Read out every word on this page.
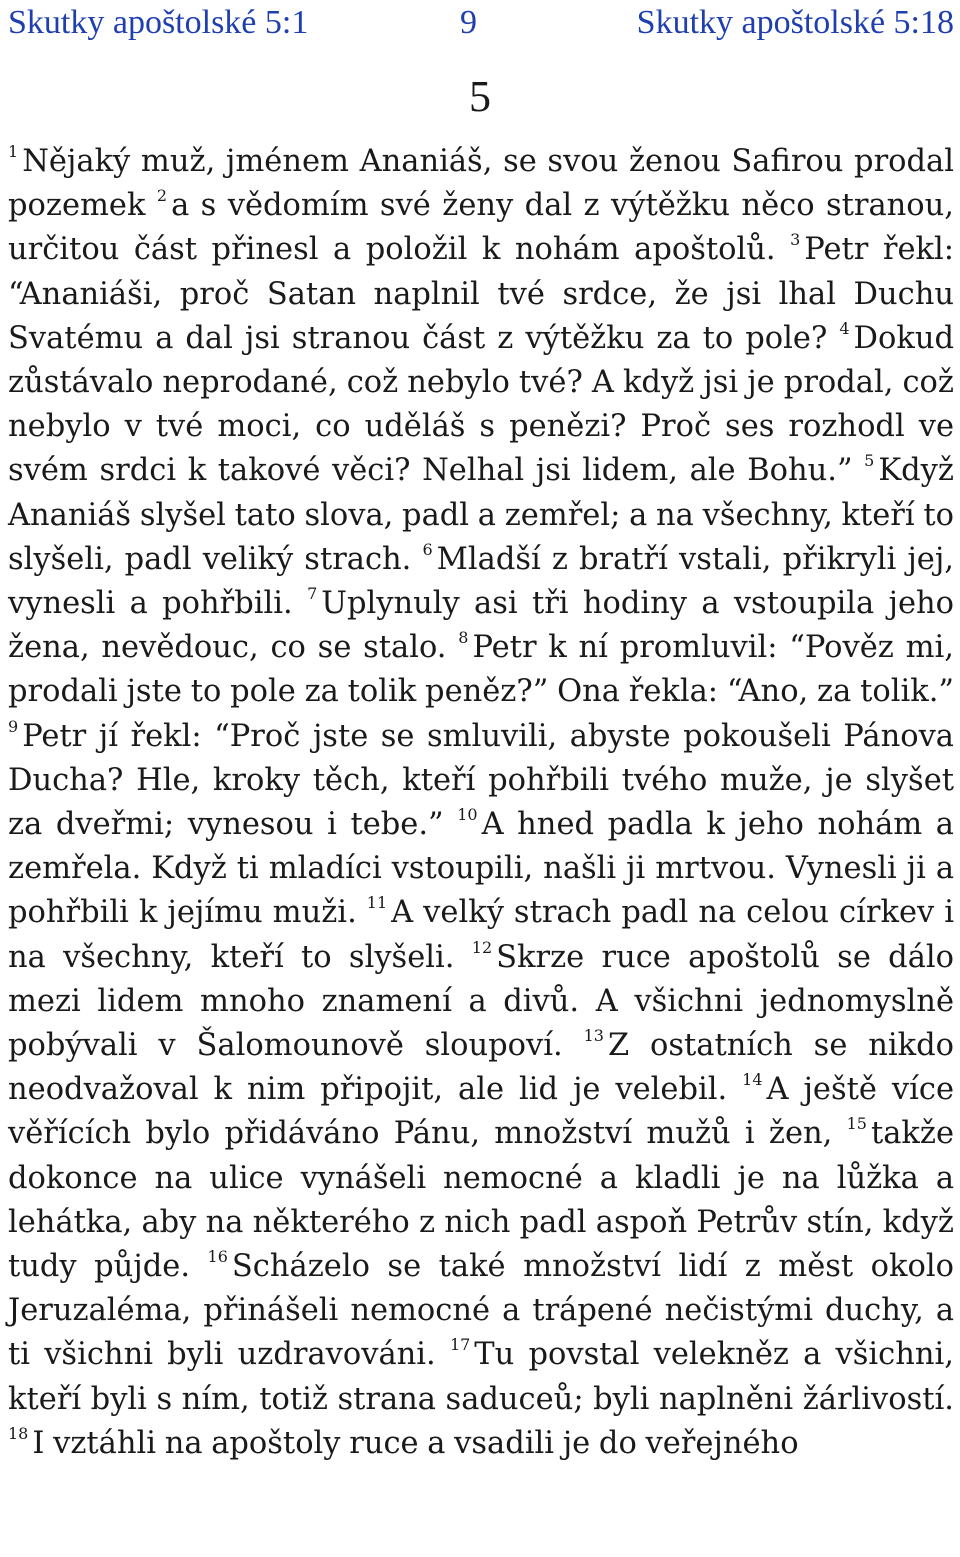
Skutky apoštolské 5:1	9	Skutky apoštolské 5:18
5
$^1$ Nějaký muž, jménem Ananiáš, se svou ženou Safirou prodal pozemek $^2$ a s vědomím své ženy dal z výtěžku něco stranou, určitou část přinesl a položil k nohám apoštolů. $^3$ Petr řekl: “Ananiáši, proč Satan naplnil tvé srdce, že jsi lhal Duchu Svatému a dal jsi stranou část z výtěžku za to pole? $^4$ Dokud zůstávalo neprodané, což nebylo tvé? A když jsi je prodal, což nebylo v tvé moci, co uděláš s penězi? Proč ses rozhodl ve svém srdci k takové věci? Nelhal jsi lidem, ale Bohu.” $^5$ Když Ananiáš slyšel tato slova, padl a zemřel; a na všechny, kteří to slyšeli, padl veliký strach. $^6$ Mladší z bratří vstali, přikryli jej, vynesli a pohřbili. $^7$ Uplynuly asi tři hodiny a vstoupila jeho žena, nevědouc, co se stalo. $^8$ Petr k ní promluvil: “Pověz mi, prodali jste to pole za tolik peněz?” Ona řekla: “Ano, za tolik.” $^9$ Petr jí řekl: “Proč jste se smluvili, abyste pokoušeli Pánova Ducha? Hle, kroky těch, kteří pohřbili tvého muže, je slyšet za dveřmi; vynesou i tebe.” $^{10}$ A hned padla k jeho nohám a zemřela. Když ti mladíci vstoupili, našli ji mrtvou. Vynesli ji a pohřbili k jejímu muži. $^{11}$ A velký strach padl na celou církev i na všechny, kteří to slyšeli. $^{12}$ Skrze ruce apoštolů se dálo mezi lidem mnoho znamení a divů. A všichni jednomyslně pobývali v Šalomounově sloupoví. $^{13}$ Z ostatních se nikdo neodvažoval k nim připojit, ale lid je velebil. $^{14}$ A ještě více věřících bylo přidáváno Pánu, množství mužů i žen, $^{15}$ takže dokonce na ulice vynášeli nemocné a kladli je na lůžka a lehátka, aby na některého z nich padl aspoň Petrův stín, když tudy půjde. $^{16}$ Scházelo se také množství lidí z měst okolo Jeruzaléma, přinášeli nemocné a trápené nečistými duchy, a ti všichni byli uzdravováni. $^{17}$ Tu povstal velekněz a všichni, kteří byli s ním, totiž strana saduceů; byli naplněni žárlivostí. $^{18}$ I vztáhli na apoštoly ruce a vsadili je do veřejného
